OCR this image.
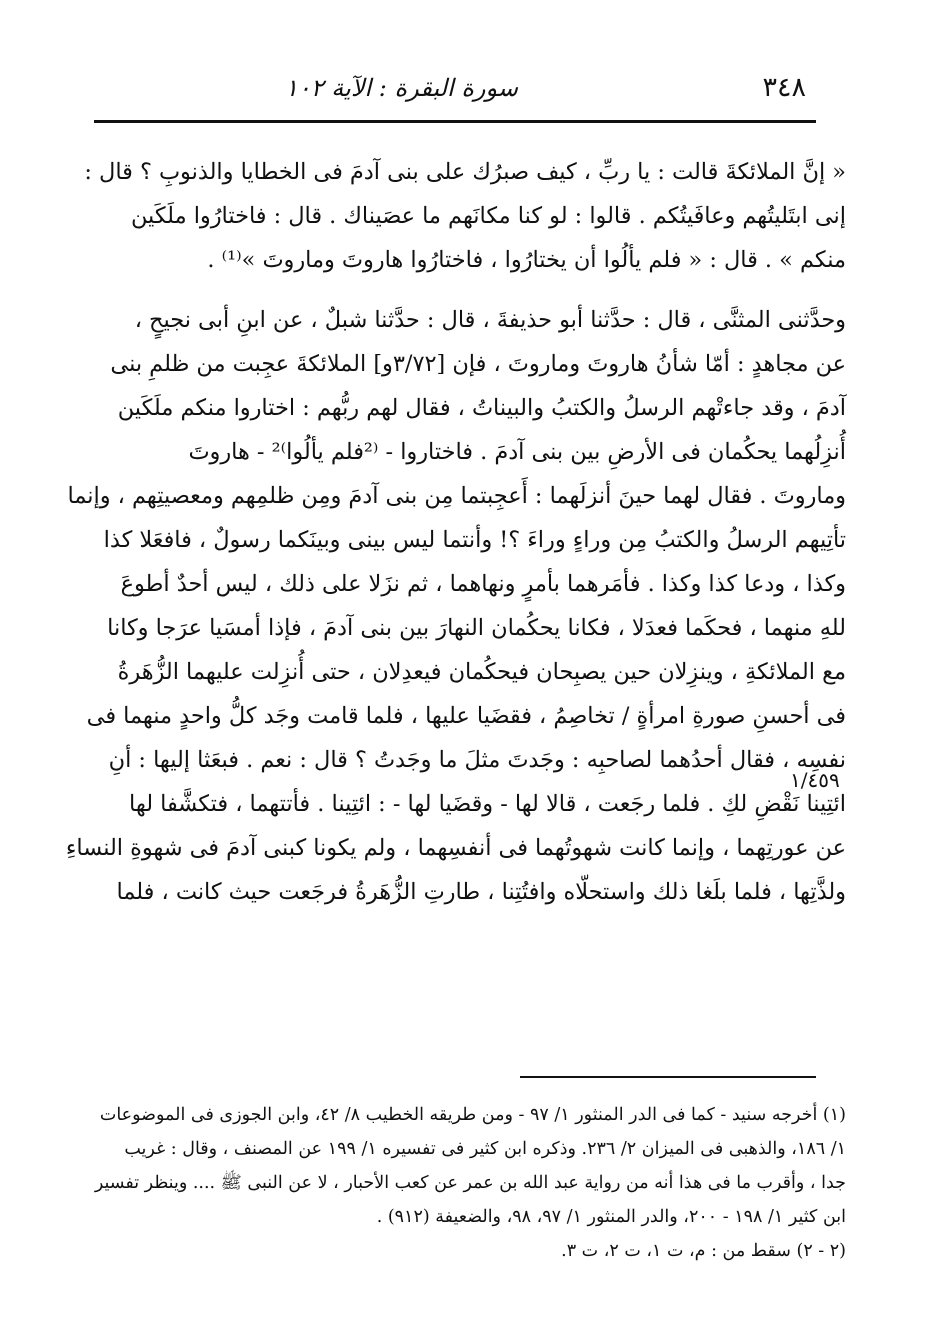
٣٤٨
سورة البقرة : الآية ١٠٢

« إنَّ الملائكةَ قالت : يا ربِّ ، كيف صبرُك على بنى آدمَ فى الخطايا والذنوبِ ؟ قال :
إنى ابتَليتُهم وعافَيتُكم . قالوا : لو كنا مكانَهم ما عصَيناك . قال : فاختارُوا ملَكَين
منكم » . قال : « فلم يألُوا أن يختارُوا ، فاختارُوا هاروتَ وماروتَ »⁽¹⁾ .

وحدَّثنى المثنَّى ، قال : حدَّثنا أبو حذيفةَ ، قال : حدَّثنا شبلٌ ، عن ابنِ أبى نجيحٍ ،
عن مجاهدٍ : أمّا شأنُ هاروتَ وماروتَ ، فإن [٣/٧٢و] الملائكةَ عجِبت من ظلمِ بنى
آدمَ ، وقد جاءتْهم الرسلُ والكتبُ والبيناتُ ، فقال لهم ربُّهم : اختاروا منكم ملَكَين
أُنزِلُهما يحكُمان فى الأرضِ بين بنى آدمَ . فاختاروا - ⁽²فلم يألُوا⁾² - هاروتَ
وماروتَ . فقال لهما حينَ أنزلَهما : أَعجِبتما مِن بنى آدمَ ومِن ظلمِهم ومعصيتِهم ، وإنما
تأتِيهم الرسلُ والكتبُ مِن وراءٍ وراءَ ؟! وأنتما ليس بينى وبينَكما رسولٌ ، فافعَلا كذا
وكذا ، ودعا كذا وكذا . فأمَرهما بأمرٍ ونهاهما ، ثم نزَلا على ذلك ، ليس أحدٌ أطوعَ
للهِ منهما ، فحكَما فعدَلا ، فكانا يحكُمان النهارَ بين بنى آدمَ ، فإذا أمسَيا عرَجا وكانا
مع الملائكةِ ، وينزِلان حين يصبِحان فيحكُمان فيعدِلان ، حتى أُنزِلت عليهما الزُّهَرةُ
فى أحسنِ صورةِ امرأةٍ / تخاصِمُ ، فقضَيا عليها ، فلما قامت وجَد كلُّ واحدٍ منهما فى
نفسِه ، فقال أحدُهما لصاحبِه : وجَدتَ مثلَ ما وجَدتُ ؟ قال : نعم . فبعَثا إليها : أنِ
ائتِينا نَقْضِ لكِ . فلما رجَعت ، قالا لها - وقضَيا لها - : ائتِينا . فأتتهما ، فتكشَّفا لها
عن عورتِهما ، وإنما كانت شهوتُهما فى أنفسِهما ، ولم يكونا كبنى آدمَ فى شهوةِ النساءِ
ولذَّتِها ، فلما بلَغا ذلك واستحلّاه وافتُتِنا ، طارتِ الزُّهَرةُ فرجَعت حيث كانت ، فلما

١/٤٥٩
(١) أخرجه سنيد - كما فى الدر المنثور ١/ ٩٧ - ومن طريقه الخطيب ٨/ ٤٢، وابن الجوزى فى الموضوعات
١/ ١٨٦، والذهبى فى الميزان ٢/ ٢٣٦. وذكره ابن كثير فى تفسيره ١/ ١٩٩ عن المصنف ، وقال : غريب
جدا ، وأقرب ما فى هذا أنه من رواية عبد الله بن عمر عن كعب الأحبار ، لا عن النبى ﷺ .... وينظر تفسير
ابن كثير ١/ ١٩٨ - ٢٠٠، والدر المنثور ١/ ٩٧، ٩٨، والضعيفة (٩١٢) .
(٢ - ٢) سقط من : م، ت ١، ت ٢، ت ٣.
